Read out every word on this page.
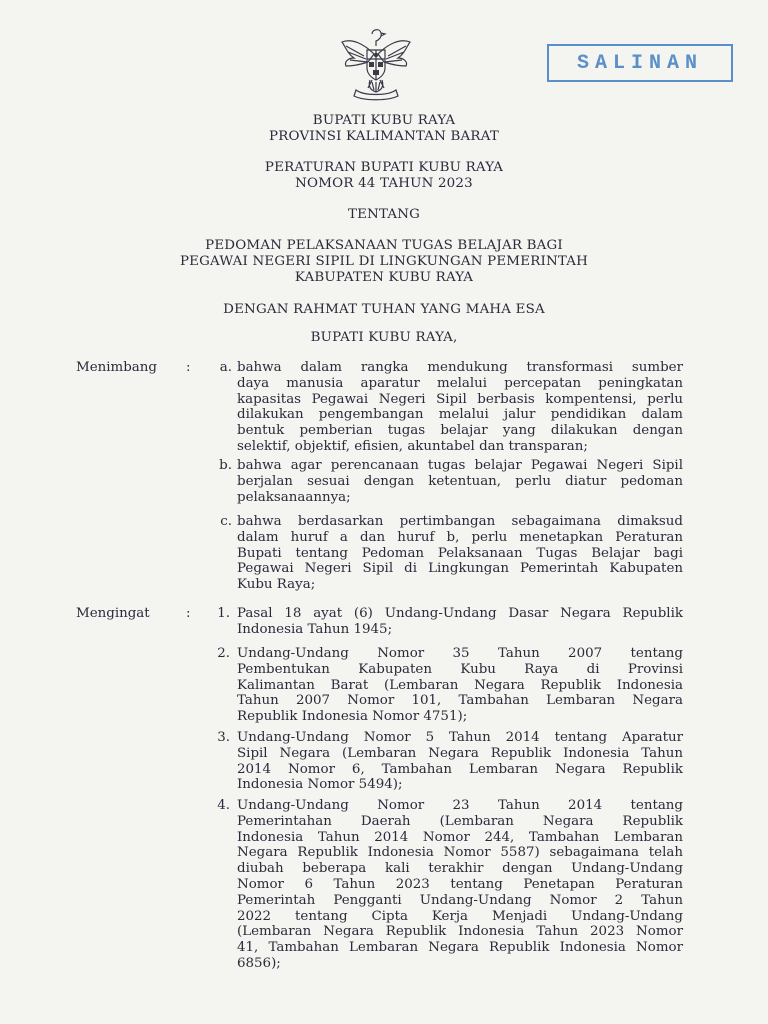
SALINAN
BUPATI KUBU RAYA
PROVINSI KALIMANTAN BARAT
PERATURAN BUPATI KUBU RAYA
NOMOR 44 TAHUN 2023
TENTANG
PEDOMAN PELAKSANAAN TUGAS BELAJAR BAGI
PEGAWAI NEGERI SIPIL DI LINGKUNGAN PEMERINTAH
KABUPATEN KUBU RAYA
DENGAN RAHMAT TUHAN YANG MAHA ESA
BUPATI KUBU RAYA,
Menimbang :	a. bahwa dalam rangka mendukung transformasi sumber
daya manusia aparatur melalui percepatan peningkatan
kapasitas Pegawai Negeri Sipil berbasis kompentensi, perlu
dilakukan pengembangan melalui jalur pendidikan dalam
bentuk pemberian tugas belajar yang dilakukan dengan
selektif, objektif, efisien, akuntabel dan transparan;
b. bahwa agar perencanaan tugas belajar Pegawai Negeri Sipil
berjalan sesuai dengan ketentuan, perlu diatur pedoman
pelaksanaannya;
c. bahwa berdasarkan pertimbangan sebagaimana dimaksud
dalam huruf a dan huruf b, perlu menetapkan Peraturan
Bupati tentang Pedoman Pelaksanaan Tugas Belajar bagi
Pegawai Negeri Sipil di Lingkungan Pemerintah Kabupaten
Kubu Raya;
Mengingat	:	1. Pasal 18 ayat (6) Undang-Undang Dasar Negara Republik
Indonesia Tahun 1945;
2. Undang-Undang Nomor 35 Tahun 2007 tentang
Pembentukan Kabupaten Kubu Raya di Provinsi
Kalimantan Barat (Lembaran Negara Republik Indonesia
Tahun 2007 Nomor 101, Tambahan Lembaran Negara
Republik Indonesia Nomor 4751);
3. Undang-Undang Nomor 5 Tahun 2014 tentang Aparatur
Sipil Negara (Lembaran Negara Republik Indonesia Tahun
2014 Nomor 6, Tambahan Lembaran Negara Republik
Indonesia Nomor 5494);
4. Undang-Undang Nomor 23 Tahun 2014 tentang
Pemerintahan Daerah (Lembaran Negara Republik
Indonesia Tahun 2014 Nomor 244, Tambahan Lembaran
Negara Republik Indonesia Nomor 5587) sebagaimana telah
diubah beberapa kali terakhir dengan Undang-Undang
Nomor 6 Tahun 2023 tentang Penetapan Peraturan
Pemerintah Pengganti Undang-Undang Nomor 2 Tahun
2022 tentang Cipta Kerja Menjadi Undang-Undang
(Lembaran Negara Republik Indonesia Tahun 2023 Nomor
41, Tambahan Lembaran Negara Republik Indonesia Nomor
6856);
